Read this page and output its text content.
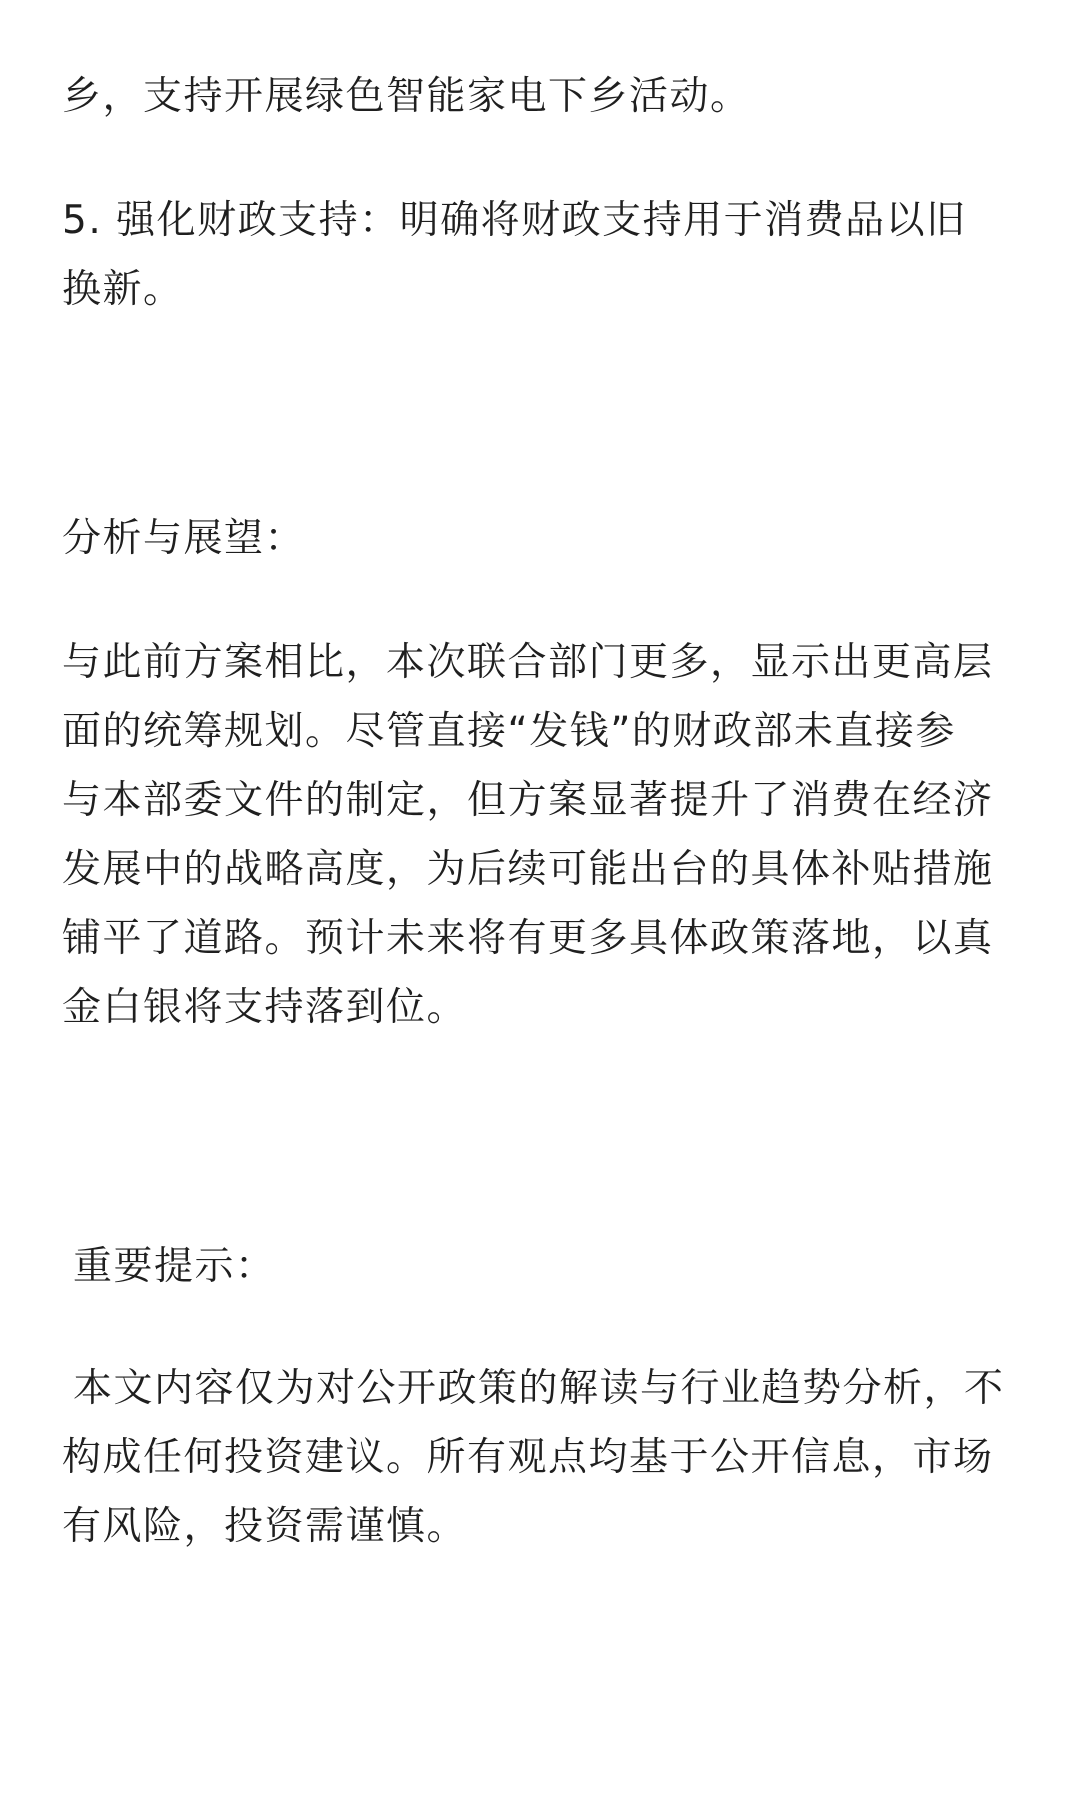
乡，支持开展绿色智能家电下乡活动。
5. 强化财政支持：明确将财政支持用于消费品以旧
换新。
分析与展望：
与此前方案相比，本次联合部门更多，显示出更高层
面的统筹规划。尽管直接“发钱”的财政部未直接参
与本部委文件的制定，但方案显著提升了消费在经济
发展中的战略高度，为后续可能出台的具体补贴措施
铺平了道路。预计未来将有更多具体政策落地，以真
金白银将支持落到位。
重要提示：
本文内容仅为对公开政策的解读与行业趋势分析，不
构成任何投资建议。所有观点均基于公开信息，市场
有风险，投资需谨慎。
